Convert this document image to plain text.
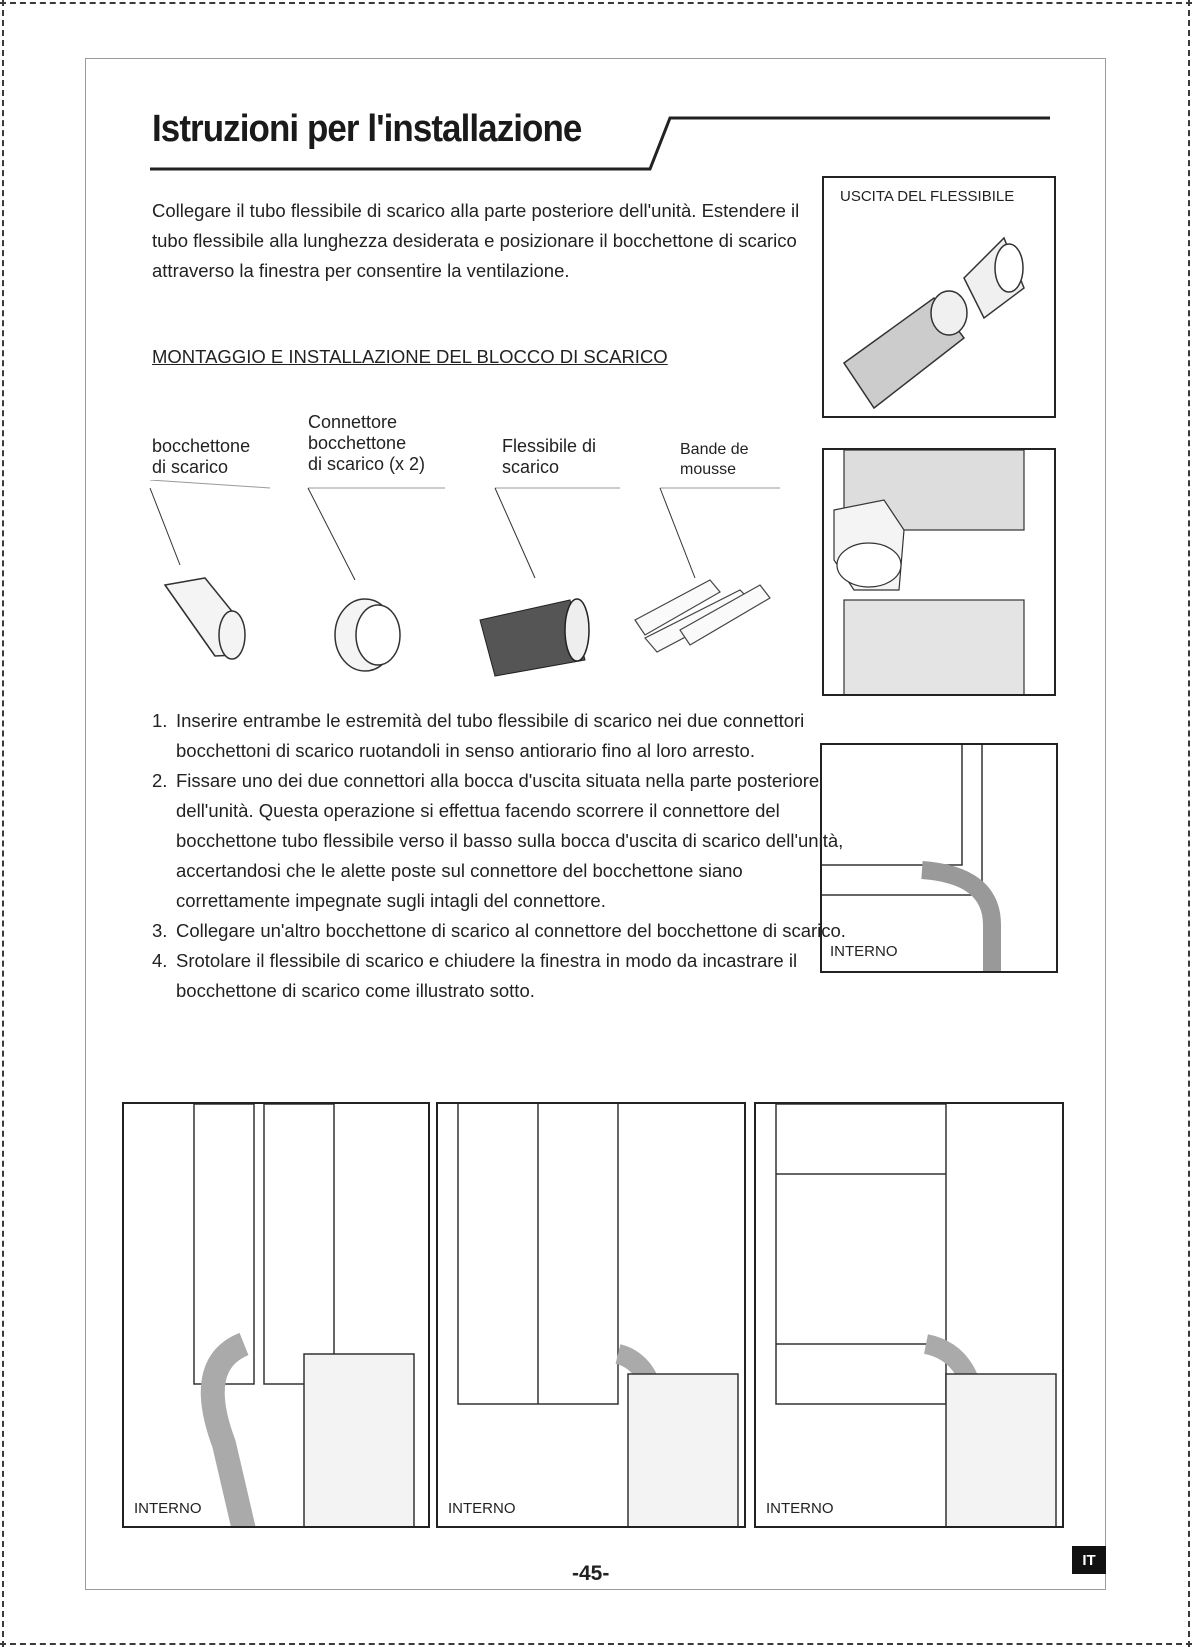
Istruzioni per l'installazione

Collegare il tubo flessibile di scarico alla parte posteriore dell'unità. Estendere il tubo flessibile alla lunghezza desiderata e posizionare il bocchettone di scarico attraverso la finestra per consentire la ventilazione.

MONTAGGIO E INSTALLAZIONE DEL BLOCCO DI SCARICO

bocchettone
di scarico

Connettore
bocchettone
di scarico (x 2)

Flessibile di
scarico

Bande de
mousse

USCITA DEL FLESSIBILE

INTERNO

1. Inserire entrambe le estremità del tubo flessibile di scarico nei due connettori bocchettoni di scarico ruotandoli in senso antiorario fino al loro arresto.
2. Fissare uno dei due connettori alla bocca d'uscita situata nella parte posteriore dell'unità. Questa operazione si effettua facendo scorrere il connettore del bocchettone tubo flessibile verso il basso sulla bocca d'uscita di scarico dell'unità, accertandosi che le alette poste sul connettore del bocchettone siano correttamente impegnate sugli intagli del connettore.
3. Collegare un'altro bocchettone di scarico al connettore del bocchettone di scarico.
4. Srotolare il flessibile di scarico e chiudere la finestra in modo da incastrare il bocchettone di scarico come illustrato sotto.

INTERNO	INTERNO	INTERNO

-45-

IT
